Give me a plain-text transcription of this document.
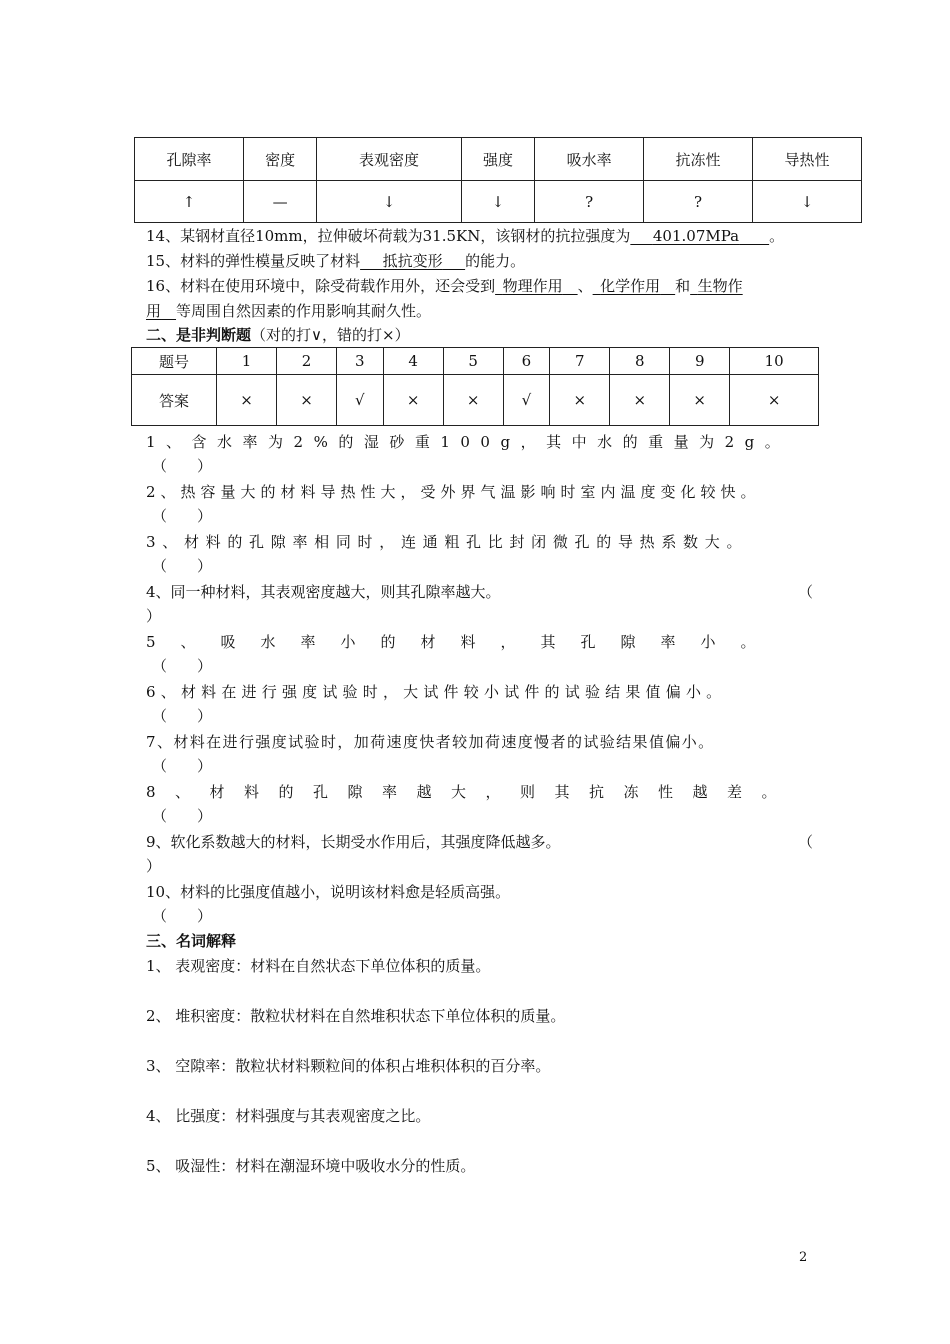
孔隙率	密度	表观密度	强度	吸水率	抗冻性	导热性
↑	—	↓	↓	?	?	↓
14、某钢材直径10mm，拉伸破坏荷载为31.5KN，该钢材的抗拉强度为　  401.07MPa　　 。
15、材料的弹性模量反映了材料    抵抗变形    的能力。
16、材料在使用环境中，除受荷载作用外，还会受到  物理作用   、  化学作用   和  生物作
用   等周围自然因素的作用影响其耐久性。
二、是非判断题（对的打∨，错的打×）
题号	1	2	3	4	5	6	7	8	9	10
答案	×	×	√	×	×	√	×	×	×	×
1、含水率为2%的湿砂重100g，其中水的重量为2g。
（　　）
2、热容量大的材料导热性大，受外界气温影响时室内温度变化较快。
（　　）
3、材料的孔隙率相同时，连通粗孔比封闭微孔的导热系数大。
（　　）
4、同一种材料，其表观密度越大，则其孔隙率越大。	（
）
5、吸水率小的材料，其孔隙率小。
（　　）
6、材料在进行强度试验时，大试件较小试件的试验结果值偏小。
（　　）
7、材料在进行强度试验时，加荷速度快者较加荷速度慢者的试验结果值偏小。
（　　）
8、材料的孔隙率越大，则其抗冻性越差。
（　　）
9、软化系数越大的材料，长期受水作用后，其强度降低越多。	（
）
10、材料的比强度值越小，说明该材料愈是轻质高强。
（　　）
三、名词解释
1、 表观密度：材料在自然状态下单位体积的质量。
2、 堆积密度：散粒状材料在自然堆积状态下单位体积的质量。
3、 空隙率：散粒状材料颗粒间的体积占堆积体积的百分率。
4、 比强度：材料强度与其表观密度之比。
5、 吸湿性：材料在潮湿环境中吸收水分的性质。
2
